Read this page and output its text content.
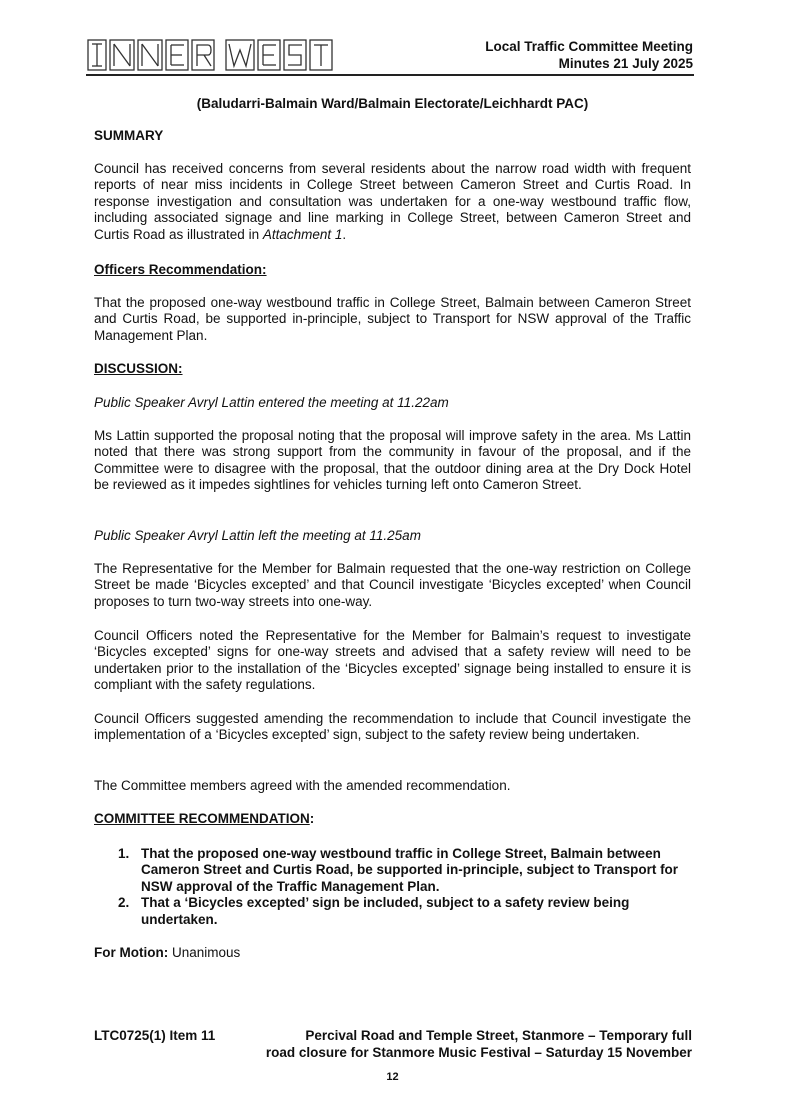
Local Traffic Committee Meeting
Minutes 21 July 2025
(Baludarri-Balmain Ward/Balmain Electorate/Leichhardt PAC)
SUMMARY

Council has received concerns from several residents about the narrow road width with frequent reports of near miss incidents in College Street between Cameron Street and Curtis Road. In response investigation and consultation was undertaken for a one-way westbound traffic flow, including associated signage and line marking in College Street, between Cameron Street and Curtis Road as illustrated in Attachment 1.

Officers Recommendation:

That the proposed one-way westbound traffic in College Street, Balmain between Cameron Street and Curtis Road, be supported in-principle, subject to Transport for NSW approval of the Traffic Management Plan.

DISCUSSION:

Public Speaker Avryl Lattin entered the meeting at 11.22am

Ms Lattin supported the proposal noting that the proposal will improve safety in the area. Ms Lattin noted that there was strong support from the community in favour of the proposal, and if the Committee were to disagree with the proposal, that the outdoor dining area at the Dry Dock Hotel be reviewed as it impedes sightlines for vehicles turning left onto Cameron Street.

Public Speaker Avryl Lattin left the meeting at 11.25am

The Representative for the Member for Balmain requested that the one-way restriction on College Street be made ‘Bicycles excepted’ and that Council investigate ‘Bicycles excepted’ when Council proposes to turn two-way streets into one-way.

Council Officers noted the Representative for the Member for Balmain’s request to investigate ‘Bicycles excepted’ signs for one-way streets and advised that a safety review will need to be undertaken prior to the installation of the ‘Bicycles excepted’ signage being installed to ensure it is compliant with the safety regulations.

Council Officers suggested amending the recommendation to include that Council investigate the implementation of a ‘Bicycles excepted’ sign, subject to the safety review being undertaken.

The Committee members agreed with the amended recommendation.

COMMITTEE RECOMMENDATION:
1. That the proposed one-way westbound traffic in College Street, Balmain between Cameron Street and Curtis Road, be supported in-principle, subject to Transport for NSW approval of the Traffic Management Plan.
2. That a ‘Bicycles excepted’ sign be included, subject to a safety review being undertaken.
For Motion: Unanimous
LTC0725(1) Item 11	Percival Road and Temple Street, Stanmore – Temporary full
road closure for Stanmore Music Festival – Saturday 15 November
12
